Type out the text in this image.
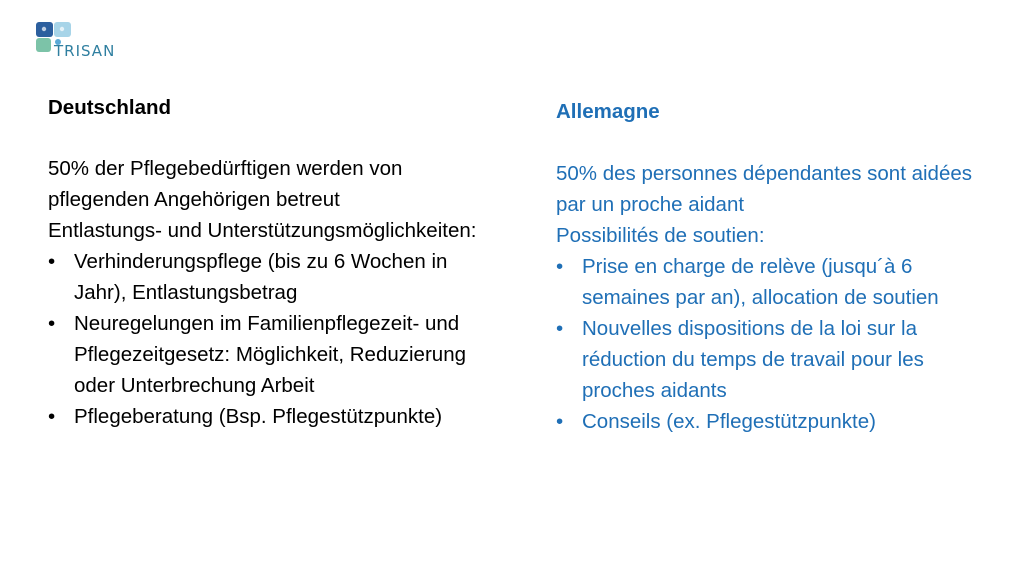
TRISAN

Deutschland

50% der Pflegebedürftigen werden von pflegenden Angehörigen betreut

Entlastungs- und Unterstützungsmöglichkeiten:

• Verhinderungspflege (bis zu 6 Wochen in Jahr), Entlastungsbetrag
• Neuregelungen im Familienpflegezeit- und Pflegezeitgesetz: Möglichkeit, Reduzierung oder Unterbrechung Arbeit
• Pflegeberatung (Bsp. Pflegestützpunkte)

Allemagne

50% des personnes dépendantes sont aidées par un proche aidant

Possibilités de soutien:

• Prise en charge de relève (jusqu´à 6 semaines par an), allocation de soutien
• Nouvelles dispositions de la loi sur la réduction du temps de travail pour les proches aidants
• Conseils (ex. Pflegestützpunkte)
